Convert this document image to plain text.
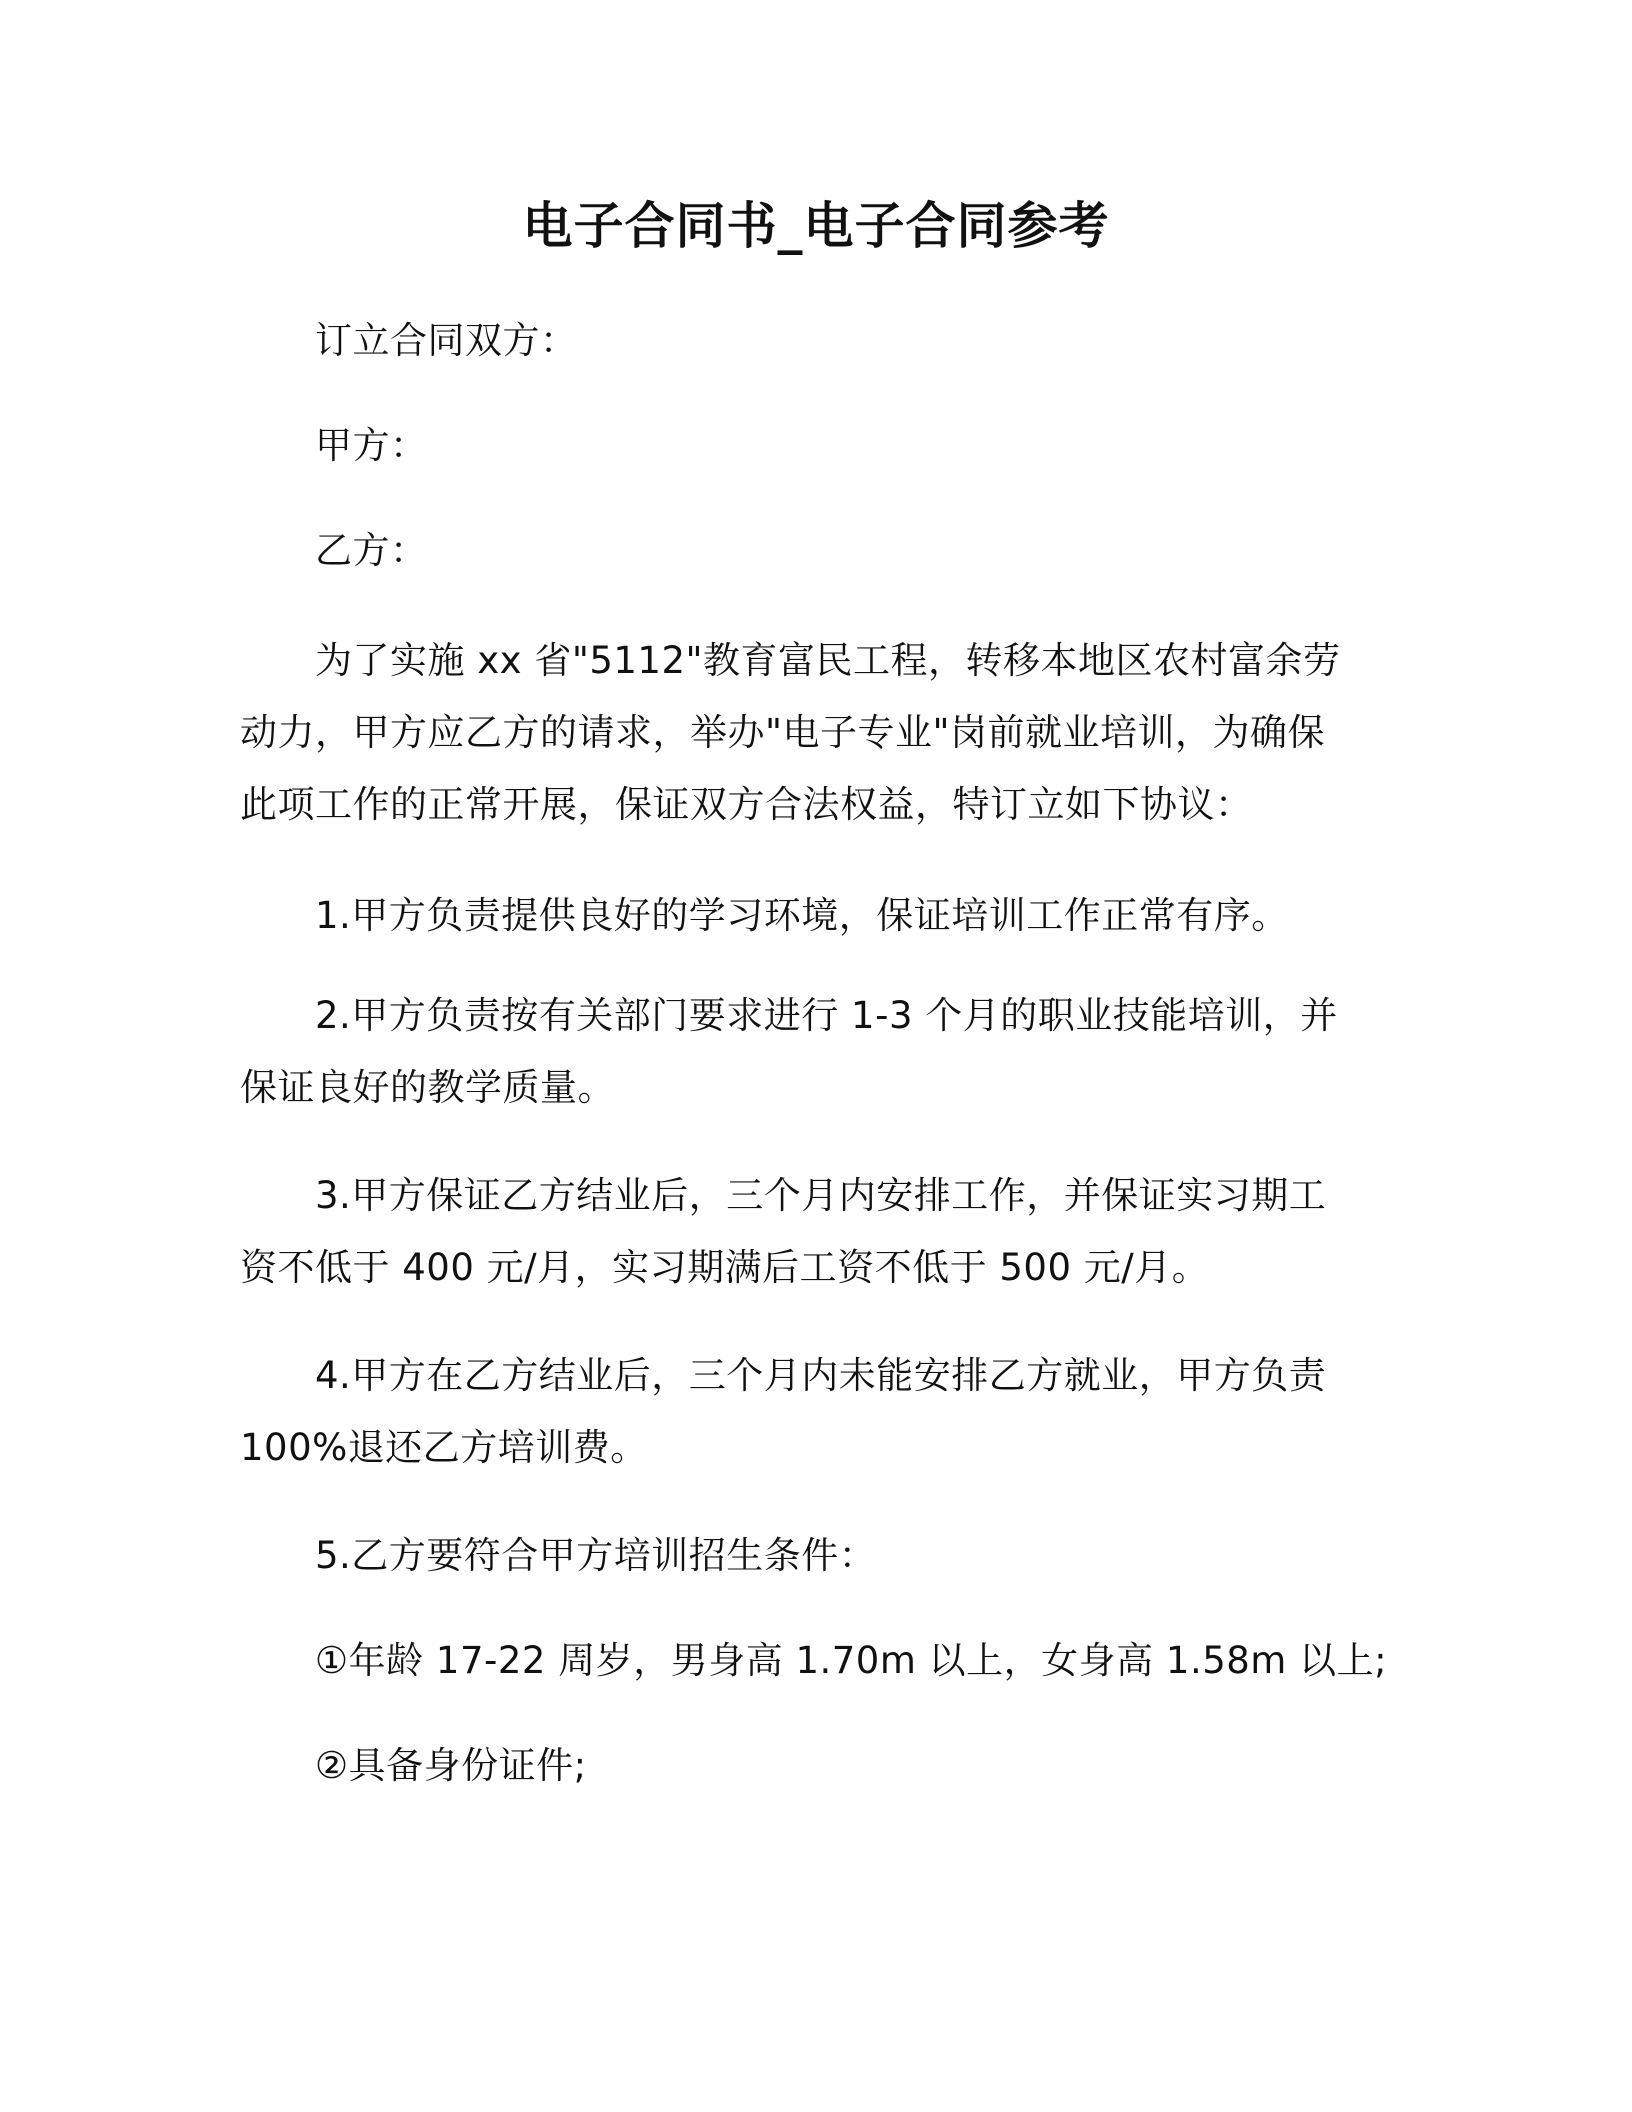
电子合同书_电子合同参考

订立合同双方：

甲方：

乙方：

为了实施 xx 省"5112"教育富民工程，转移本地区农村富余劳动力，甲方应乙方的请求，举办"电子专业"岗前就业培训，为确保此项工作的正常开展，保证双方合法权益，特订立如下协议：

1.甲方负责提供良好的学习环境，保证培训工作正常有序。

2.甲方负责按有关部门要求进行 1-3 个月的职业技能培训，并保证良好的教学质量。

3.甲方保证乙方结业后，三个月内安排工作，并保证实习期工资不低于 400 元/月，实习期满后工资不低于 500 元/月。

4.甲方在乙方结业后，三个月内未能安排乙方就业，甲方负责100%退还乙方培训费。

5.乙方要符合甲方培训招生条件：

①年龄 17-22 周岁，男身高 1.70m 以上，女身高 1.58m 以上;

②具备身份证件;
